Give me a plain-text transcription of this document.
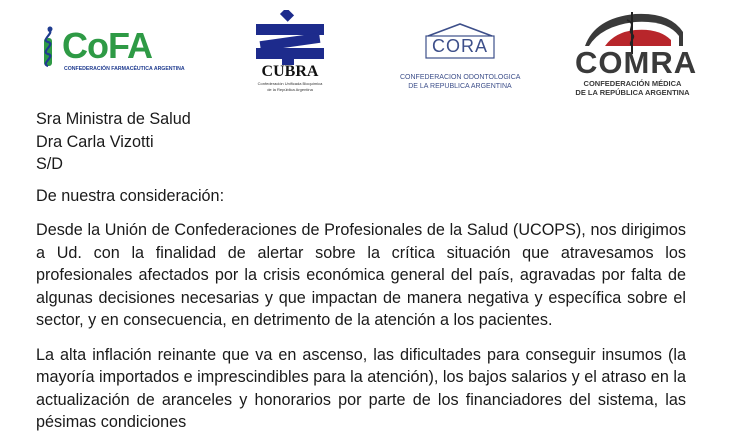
CoFA
CONFEDERACIÓN FARMACÉUTICA ARGENTINA	CUBRA
Confederación Unificada Bioquímica
de la República Argentina
CORA
CONFEDERACION ODONTOLOGICA
DE LA REPUBLICA ARGENTINA
COMRA
CONFEDERACIÓN MÉDICA
DE LA REPÚBLICA ARGENTINA
Sra Ministra de Salud
Dra Carla Vizotti
S/D

De nuestra consideración:

Desde la Unión de Confederaciones de Profesionales de la Salud (UCOPS), nos dirigimos a Ud. con la finalidad de alertar sobre la crítica situación que atravesamos los profesionales afectados por la crisis económica general del país, agravadas por falta de algunas decisiones necesarias y que impactan de manera negativa y específica sobre el sector, y en consecuencia, en detrimento de la atención a los pacientes.

La alta inflación reinante que va en ascenso, las dificultades para conseguir insumos (la mayoría importados e imprescindibles para la atención), los bajos salarios y el atraso en la actualización de aranceles y honorarios por parte de los financiadores del sistema, las pésimas condiciones
